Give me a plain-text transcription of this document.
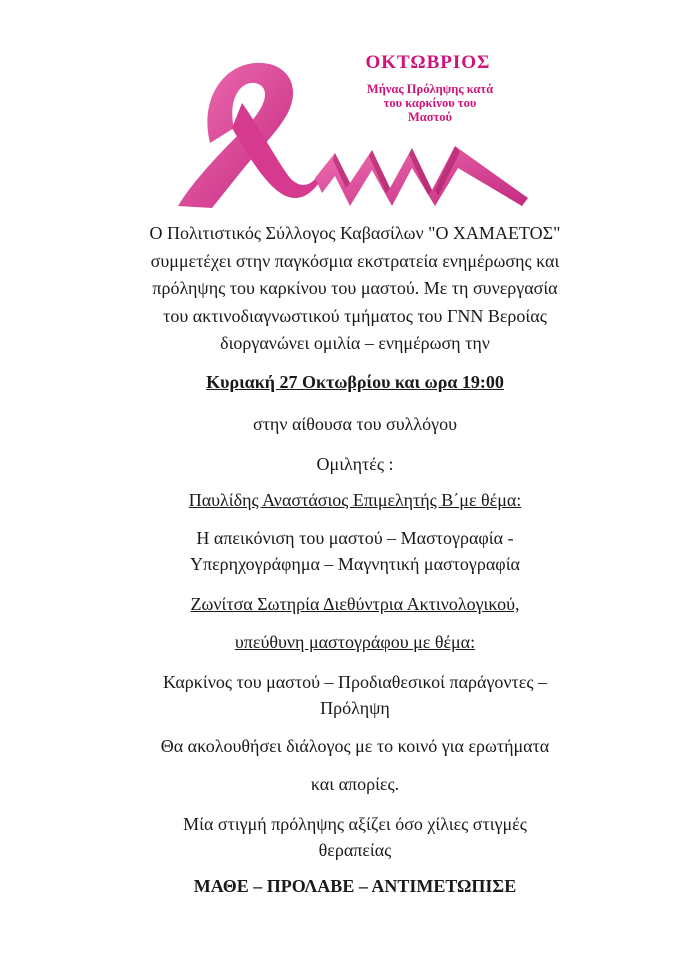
ΟΚΤΩΒΡΙΟΣ
Μήνας Πρόληψης κατά
του καρκίνου του
Μαστού
Ο Πολιτιστικός Σύλλογος Καβασίλων "Ο ΧΑΜΑΕΤΟΣ"
συμμετέχει στην παγκόσμια εκστρατεία ενημέρωσης και
πρόληψης του καρκίνου του μαστού. Με τη συνεργασία
του ακτινοδιαγνωστικού τμήματος του ΓΝΝ Βεροίας
διοργανώνει ομιλία – ενημέρωση την
Κυριακή 27 Οκτωβρίου και ωρα 19:00
στην αίθουσα του συλλόγου
Ομιλητές :
Παυλίδης Αναστάσιος Επιμελητής Β΄με θέμα:
Η απεικόνιση του μαστού – Μαστογραφία -
Υπερηχογράφημα – Μαγνητική μαστογραφία
Ζωνίτσα Σωτηρία Διεθύντρια Ακτινολογικού,
υπεύθυνη μαστογράφου με θέμα:
Καρκίνος του μαστού – Προδιαθεσικοί παράγοντες –
Πρόληψη
Θα ακολουθήσει διάλογος με το κοινό για ερωτήματα
και απορίες.
Μία στιγμή πρόληψης αξίζει όσο χίλιες στιγμές
θεραπείας
ΜΑΘΕ – ΠΡΟΛΑΒΕ – ΑΝΤΙΜΕΤΩΠΙΣΕ
